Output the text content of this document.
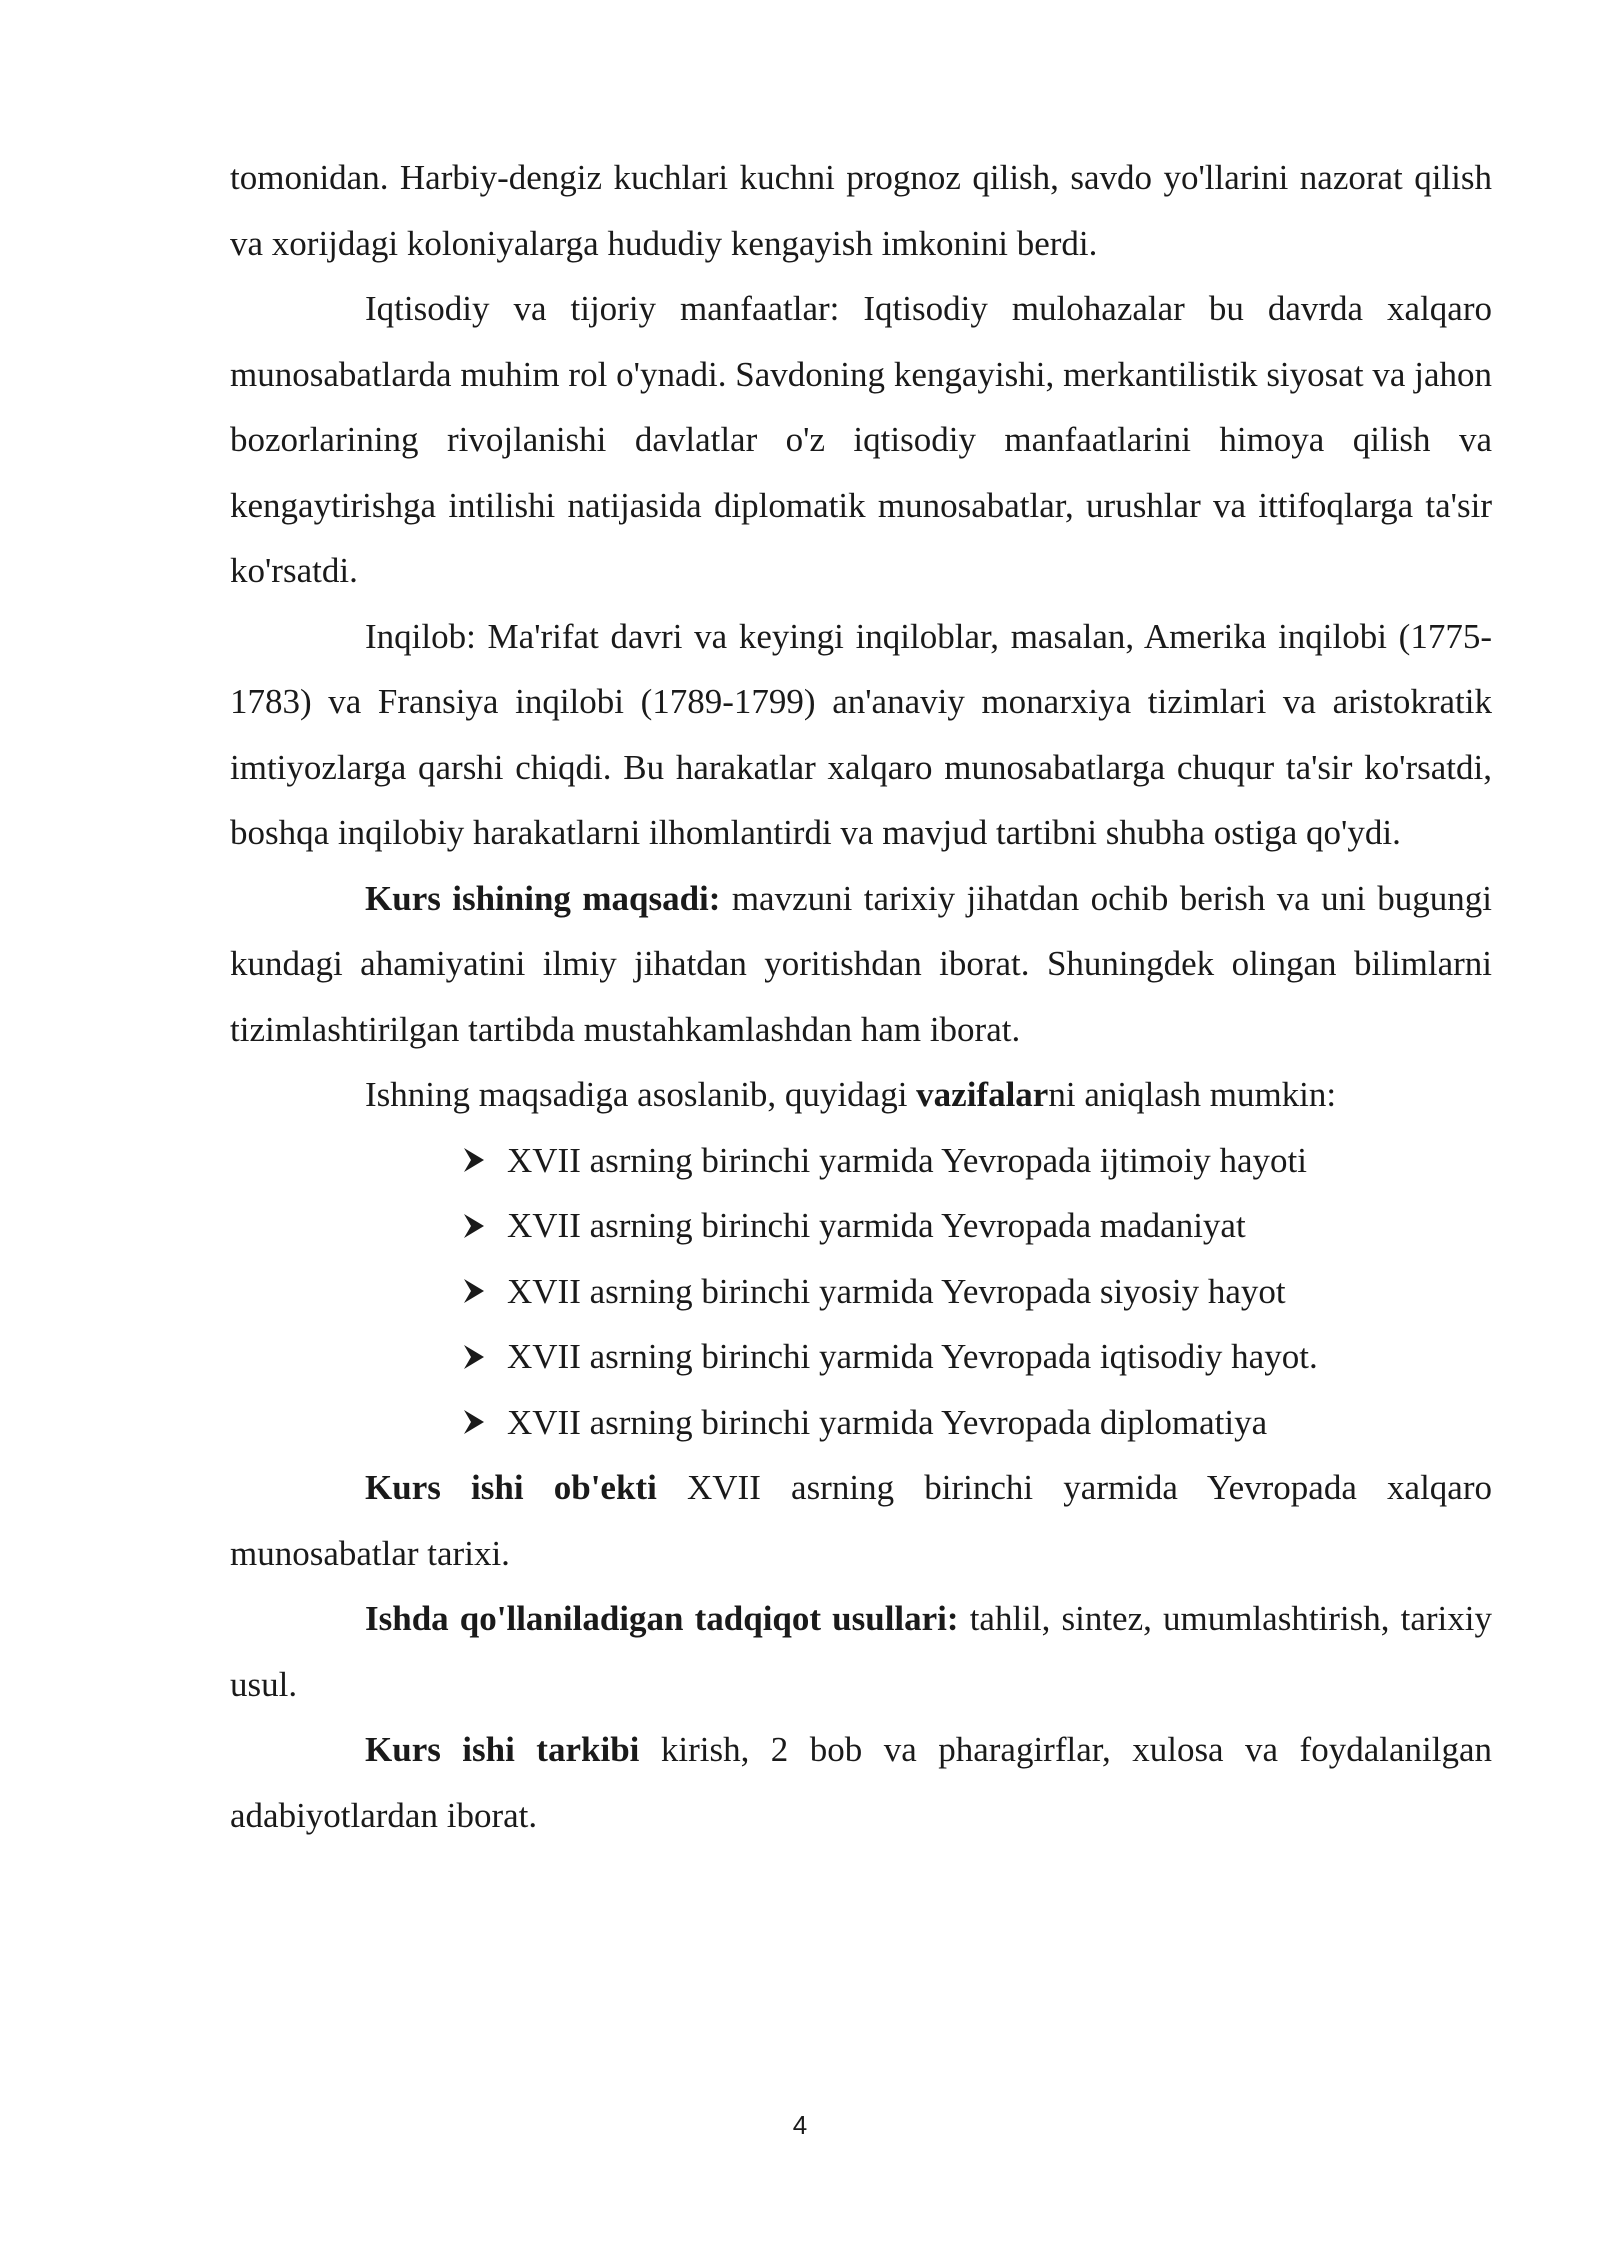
tomonidan. Harbiy-dengiz kuchlari kuchni prognoz qilish, savdo yo'llarini nazorat qilish va xorijdagi koloniyalarga hududiy kengayish imkonini berdi.

Iqtisodiy va tijoriy manfaatlar: Iqtisodiy mulohazalar bu davrda xalqaro munosabatlarda muhim rol o'ynadi. Savdoning kengayishi, merkantilistik siyosat va jahon bozorlarining rivojlanishi davlatlar o'z iqtisodiy manfaatlarini himoya qilish va kengaytirishga intilishi natijasida diplomatik munosabatlar, urushlar va ittifoqlarga ta'sir ko'rsatdi.

Inqilob: Ma'rifat davri va keyingi inqiloblar, masalan, Amerika inqilobi (1775-1783) va Fransiya inqilobi (1789-1799) an'anaviy monarxiya tizimlari va aristokratik imtiyozlarga qarshi chiqdi. Bu harakatlar xalqaro munosabatlarga chuqur ta'sir ko'rsatdi, boshqa inqilobiy harakatlarni ilhomlantirdi va mavjud tartibni shubha ostiga qo'ydi.

Kurs ishining maqsadi: mavzuni tarixiy jihatdan ochib berish va uni bugungi kundagi ahamiyatini ilmiy jihatdan yoritishdan iborat. Shuningdek olingan bilimlarni tizimlashtirilgan tartibda mustahkamlashdan ham iborat.

Ishning maqsadiga asoslanib, quyidagi vazifalarni aniqlash mumkin:

XVII asrning birinchi yarmida Yevropada ijtimoiy hayoti
XVII asrning birinchi yarmida Yevropada madaniyat
XVII asrning birinchi yarmida Yevropada siyosiy hayot
XVII asrning birinchi yarmida Yevropada iqtisodiy hayot.
XVII asrning birinchi yarmida Yevropada diplomatiya

Kurs ishi ob'ekti XVII asrning birinchi yarmida Yevropada xalqaro munosabatlar tarixi.

Ishda qo'llaniladigan tadqiqot usullari: tahlil, sintez, umumlashtirish, tarixiy usul.

Kurs ishi tarkibi kirish, 2 bob va pharagirflar, xulosa va foydalanilgan adabiyotlardan iborat.

4
